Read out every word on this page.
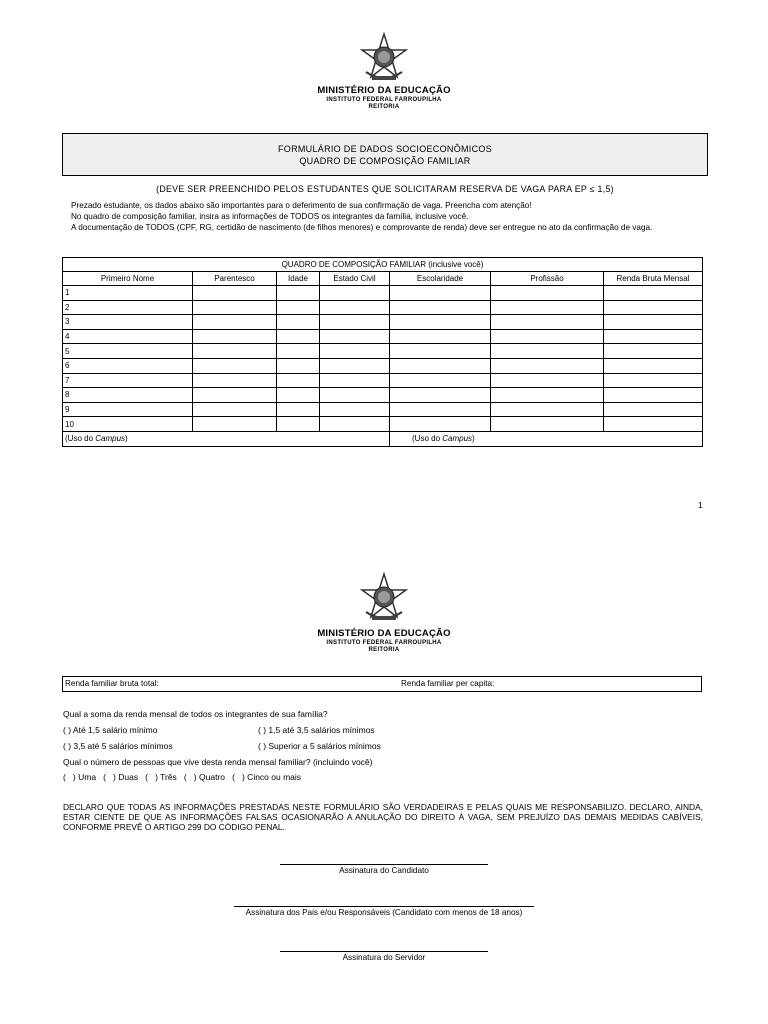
MINISTÉRIO DA EDUCAÇÃO
INSTITUTO FEDERAL FARROUPILHA
REITORIA
FORMULÁRIO DE DADOS SOCIOECONÔMICOS
QUADRO DE COMPOSIÇÃO FAMILIAR
(DEVE SER PREENCHIDO PELOS ESTUDANTES QUE SOLICITARAM RESERVA DE VAGA PARA EP ≤ 1,5)
Prezado estudante, os dados abaixo são importantes para o deferimento de sua confirmação de vaga. Preencha com atenção!
No quadro de composição familiar, insira as informações de TODOS os integrantes da família, inclusive você.
A documentação de TODOS (CPF, RG, certidão de nascimento (de filhos menores) e comprovante de renda) deve ser entregue no ato da confirmação de vaga.
QUADRO DE COMPOSIÇÃO FAMILIAR (inclusive você)						
Primeiro Nome	Parentesco	Idade	Estado Civil	Escolaridade	Profissão	Renda Bruta Mensal
1						
2						
3						
4						
5						
6						
7						
8						
9						
10						
(Uso do Campus)				(Uso do Campus)		
1
MINISTÉRIO DA EDUCAÇÃO
INSTITUTO FEDERAL FARROUPILHA
REITORIA
Renda familiar bruta total:	Renda familiar per capita:
Qual a soma da renda mensal de todos os integrantes de sua família?
( ) Até 1,5 salário mínimo	( ) 1,5 até 3,5 salários mínimos
( ) 3,5 até 5 salários mínimos	( ) Superior a 5 salários mínimos
Qual o número de pessoas que vive desta renda mensal familiar? (incluindo você)
(   ) Uma   (   ) Duas   (   ) Três   (   ) Quatro   (   ) Cinco ou mais
DECLARO QUE TODAS AS INFORMAÇÕES PRESTADAS NESTE FORMULÁRIO SÃO VERDADEIRAS E PELAS QUAIS ME RESPONSABILIZO. DECLARO, AINDA, ESTAR CIENTE DE QUE AS INFORMAÇÕES FALSAS OCASIONARÃO A ANULAÇÃO DO DIREITO À VAGA, SEM PREJUÍZO DAS DEMAIS MEDIDAS CABÍVEIS, CONFORME PREVÊ O ARTIGO 299 DO CÓDIGO PENAL.
Assinatura do Candidato
Assinatura dos Pais e/ou Responsáveis (Candidato com menos de 18 anos)
Assinatura do Servidor
